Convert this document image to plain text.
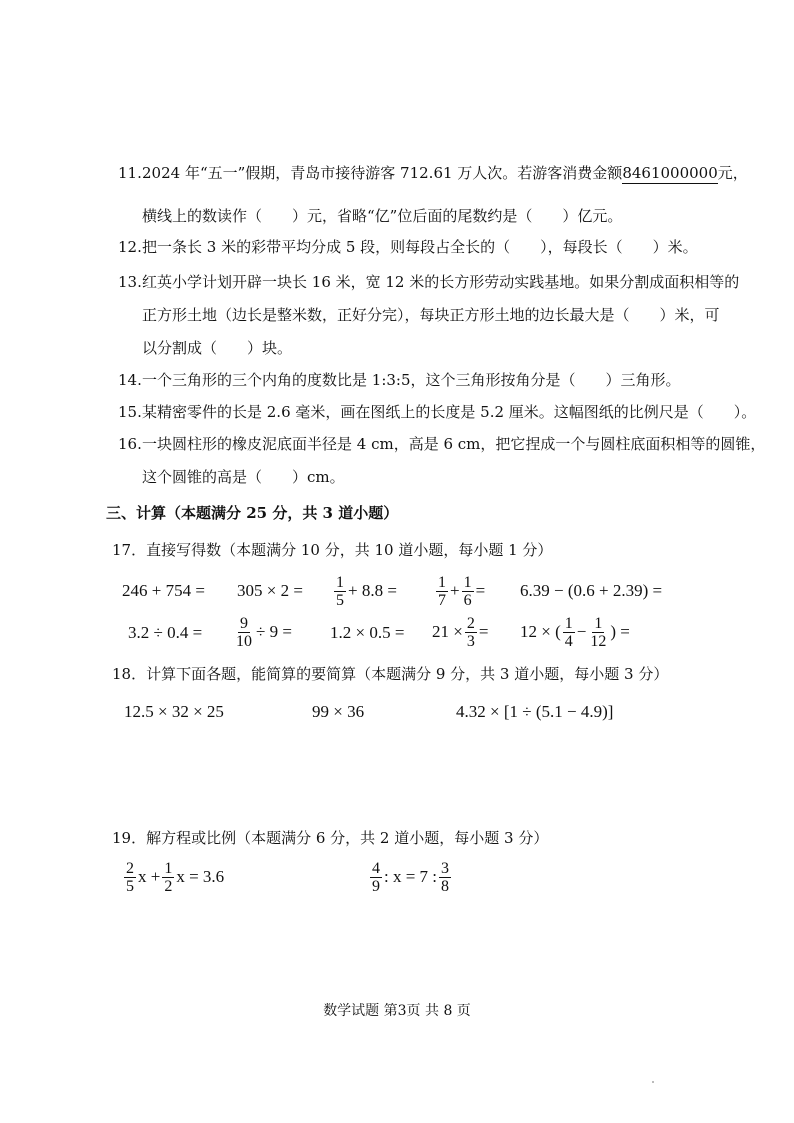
11.2024 年“五一”假期，青岛市接待游客 712.61 万人次。若游客消费金额8461000000元，
横线上的数读作（　　）元，省略“亿”位后面的尾数约是（　　）亿元。
12.把一条长 3 米的彩带平均分成 5 段，则每段占全长的（　　），每段长（　　）米。
13.红英小学计划开辟一块长 16 米，宽 12 米的长方形劳动实践基地。如果分割成面积相等的
正方形土地（边长是整米数，正好分完），每块正方形土地的边长最大是（　　）米，可
以分割成（　　）块。
14.一个三角形的三个内角的度数比是 1:3:5，这个三角形按角分是（　　）三角形。
15.某精密零件的长是 2.6 毫米，画在图纸上的长度是 5.2 厘米。这幅图纸的比例尺是（　　）。
16.一块圆柱形的橡皮泥底面半径是 4 cm，高是 6 cm，把它捏成一个与圆柱底面积相等的圆锥，
这个圆锥的高是（　　）cm。
三、计算（本题满分 25 分，共 3 道小题）
17．直接写得数（本题满分 10 分，共 10 道小题，每小题 1 分）
$246 + 754 = 305 \times 2 = \frac{1}{5} + 8.8 = \frac{1}{7} + \frac{1}{6} = 6.39 - (0.6 + 2.39)$ =
$3.2 \div 0.4 = \frac{9}{10} \div 9 = 1.2 \times 0.5 = 21 \times \frac{2}{3} = 12$ × ( $\frac{1}{4} - \frac{1}{12}$ ) =
18．计算下面各题，能简算的要简算（本题满分 9 分，共 3 道小题，每小题 3 分）
12.5 × 32 × 25	99 × 36	4.32 × [1 ÷ (5.1 − 4.9)]
19．解方程或比例（本题满分 6 分，共 2 道小题，每小题 3 分）
$\frac{2}{5}$ $x + \frac{1}{2}$ x = 3.6	$\frac{4}{9}$ : x = 7 : $\frac{3}{8}$
数学试题 第3页 共 8 页
